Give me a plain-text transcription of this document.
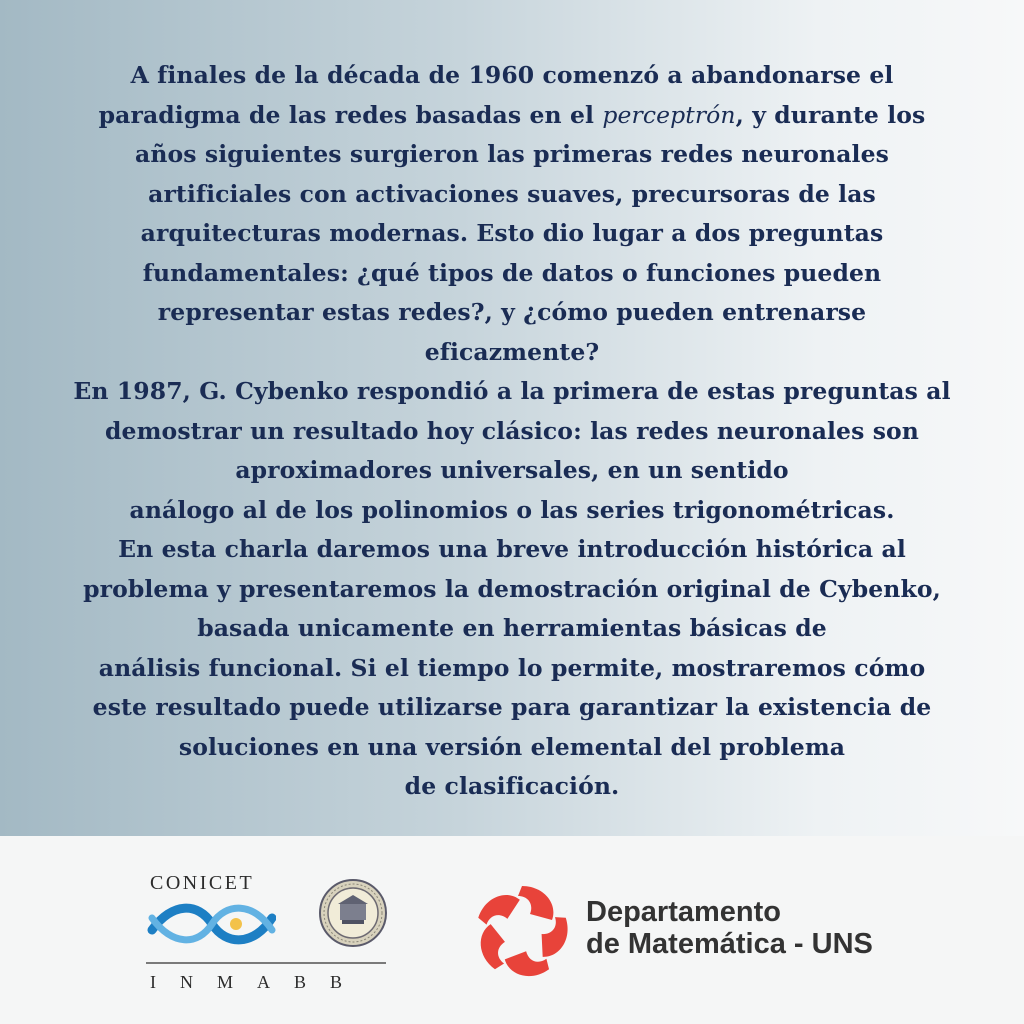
A finales de la década de 1960 comenzó a abandonarse el
paradigma de las redes basadas en el perceptrón, y durante los
años siguientes surgieron las primeras redes neuronales
artificiales con activaciones suaves, precursoras de las
arquitecturas modernas. Esto dio lugar a dos preguntas
fundamentales: ¿qué tipos de datos o funciones pueden
representar estas redes?, y ¿cómo pueden entrenarse
eficazmente?
En 1987, G. Cybenko respondió a la primera de estas preguntas al
demostrar un resultado hoy clásico: las redes neuronales son
aproximadores universales, en un sentido
análogo al de los polinomios o las series trigonométricas.
En esta charla daremos una breve introducción histórica al
problema y presentaremos la demostración original de Cybenko,
basada unicamente en herramientas básicas de
análisis funcional. Si el tiempo lo permite, mostraremos cómo
este resultado puede utilizarse para garantizar la existencia de
soluciones en una versión elemental del problema
de clasificación.
CONICET
INMABB
Departamento
de Matemática - UNS
